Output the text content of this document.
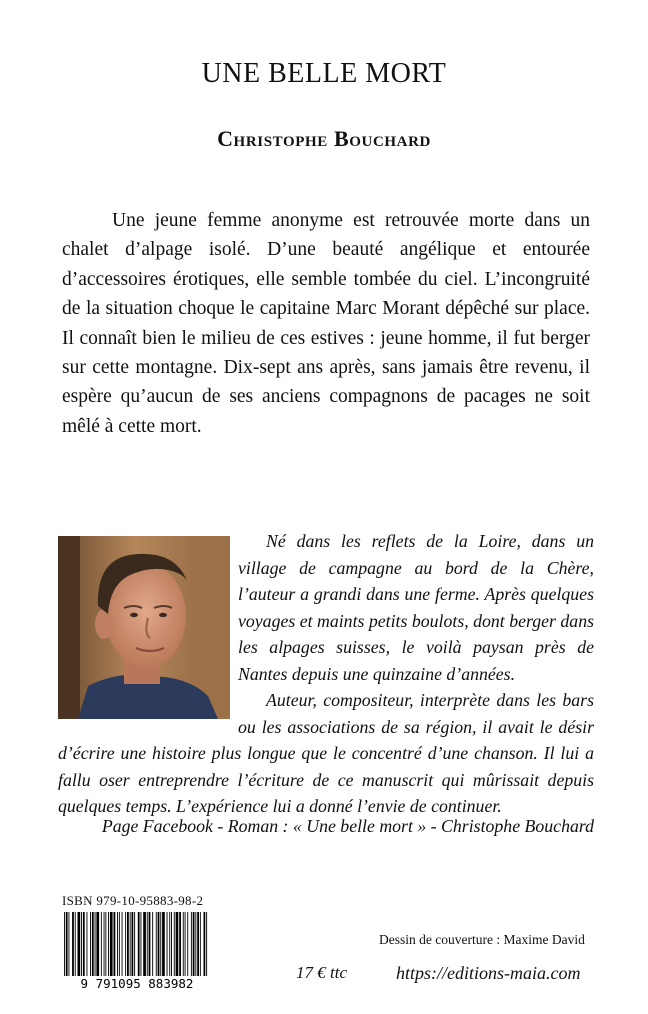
UNE BELLE MORT
Christophe Bouchard

Une jeune femme anonyme est retrouvée morte dans un chalet d’alpage isolé. D’une beauté angélique et entourée d’accessoires érotiques, elle semble tombée du ciel. L’incongruité de la situation choque le capitaine Marc Morant dépêché sur place. Il connaît bien le milieu de ces estives : jeune homme, il fut berger sur cette montagne. Dix-sept ans après, sans jamais être revenu, il espère qu’aucun de ses anciens compagnons de pacages ne soit mêlé à cette mort.

Né dans les reflets de la Loire, dans un village de campagne au bord de la Chère, l’auteur a grandi dans une ferme. Après quelques voyages et maints petits boulots, dont berger dans les alpages suisses, le voilà paysan près de Nantes depuis une quinzaine d’années.

Auteur, compositeur, interprète dans les bars ou les associations de sa région, il avait le désir d’écrire une histoire plus longue que le concentré d’une chanson. Il lui a fallu oser entreprendre l’écriture de ce manuscrit qui mûrissait depuis quelques temps. L’expérience lui a donné l’envie de continuer.

Page Facebook - Roman : « Une belle mort » - Christophe Bouchard
ISBN 979-10-95883-98-2
9 791095 883982
Dessin de couverture : Maxime David
17 € ttc	https://editions-maia.com
